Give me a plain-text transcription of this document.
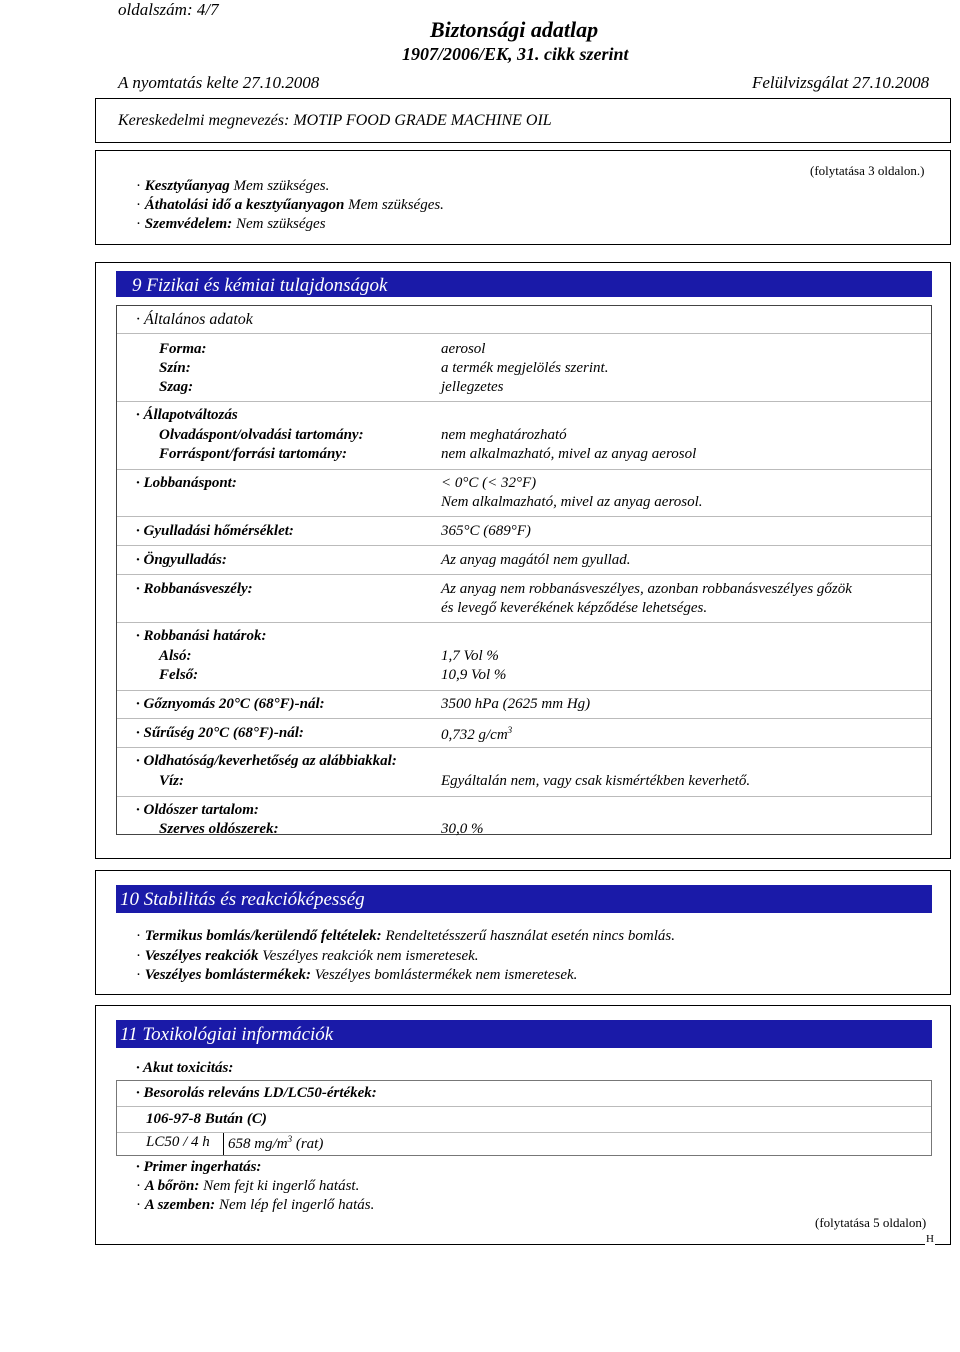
oldalszám: 4/7
Biztonsági adatlap
1907/2006/EK, 31. cikk szerint
A nyomtatás kelte 27.10.2008	Felülvizsgálat 27.10.2008
Kereskedelmi megnevezés: MOTIP FOOD GRADE MACHINE OIL
(folytatása 3 oldalon.)
· Kesztyűanyag Mem szükséges.
· Áthatolási idő a kesztyűanyagon Mem szükséges.
· Szemvédelem: Nem szükséges
9 Fizikai és kémiai tulajdonságok
· Általános adatok
Forma:	aerosol
Szín:	a termék megjelölés szerint.
Szag:	jellegzetes
· Állapotváltozás
Olvadáspont/olvadási tartomány:	nem meghatározható
Forráspont/forrási tartomány:	nem alkalmazható, mivel az anyag aerosol
· Lobbanáspont:	< 0°C (< 32°F)
Nem alkalmazható, mivel az anyag aerosol.
· Gyulladási hőmérséklet:	365°C (689°F)
· Öngyulladás:	Az anyag magától nem gyullad.
· Robbanásveszély:	Az anyag nem robbanásveszélyes, azonban robbanásveszélyes gőzök
és levegő keverékének képződése lehetséges.
· Robbanási határok:
Alsó:	1,7 Vol %
Felső:	10,9 Vol %
· Gőznyomás 20°C (68°F)-nál:	3500 hPa (2625 mm Hg)
· Sűrűség 20°C (68°F)-nál:	0,732 $g/cm^3$
· Oldhatóság/keverhetőség az alábbiakkal:
Víz:	Egyáltalán nem, vagy csak kismértékben keverhető.
· Oldószer tartalom:
Szerves oldószerek:	30,0 %
10 Stabilitás és reakcióképesség
· Termikus bomlás/kerülendő feltételek: Rendeltetésszerű használat esetén nincs bomlás.
· Veszélyes reakciók Veszélyes reakciók nem ismeretesek.
· Veszélyes bomlástermékek: Veszélyes bomlástermékek nem ismeretesek.
11 Toxikológiai információk
· Akut toxicitás:
· Besorolás releváns LD/LC50-értékek:
106-97-8 Bután (C)
LC50 / 4 h 658 $mg/m^3$ (rat)
· Primer ingerhatás:
· A bőrön: Nem fejt ki ingerlő hatást.
· A szemben: Nem lép fel ingerlő hatás.
(folytatása 5 oldalon)
H
